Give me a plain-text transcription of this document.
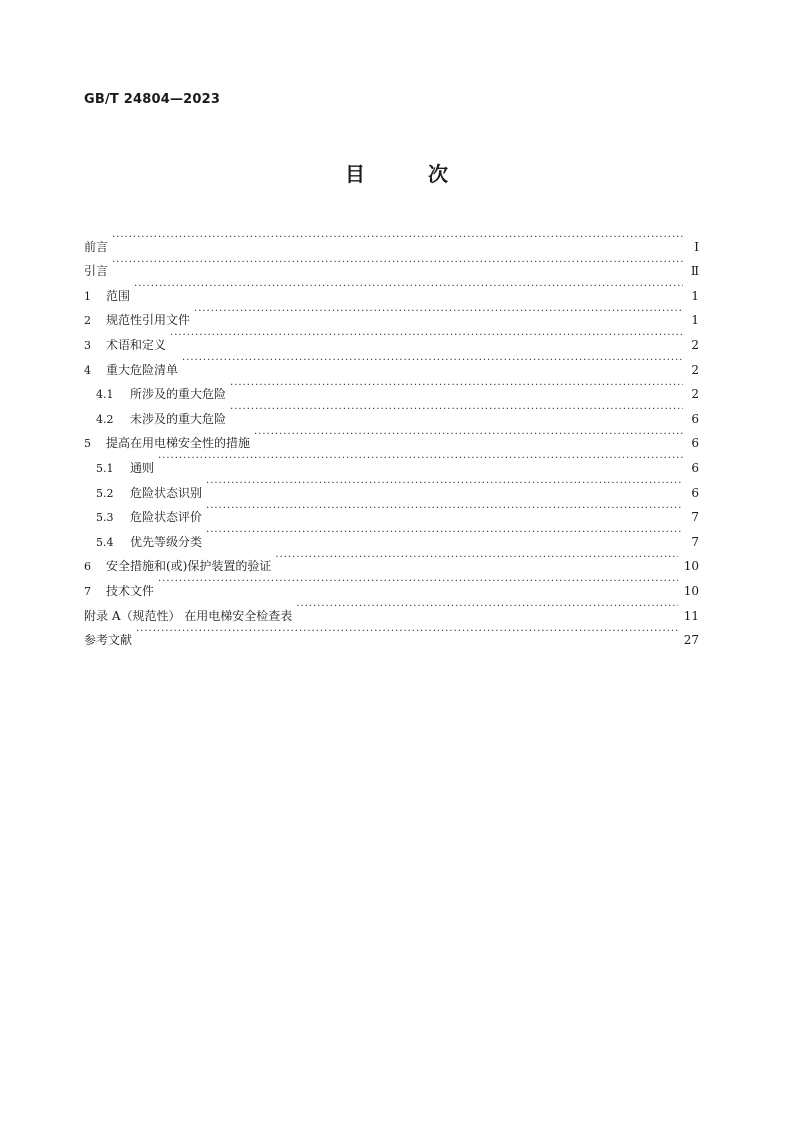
GB/T 24804—2023
目 次
前言 ·····	Ⅰ
引言 ·····	Ⅱ
1	范围 ·····	1
2	规范性引用文件 ·····	1
3	术语和定义 ·····	2
4	重大危险清单 ·····	2
4.1	所涉及的重大危险 ·····	2
4.2	未涉及的重大危险 ·····	6
5	提高在用电梯安全性的措施 ·····	6
5.1	通则 ·····	6
5.2	危险状态识别 ·····	6
5.3	危险状态评价 ·····	7
5.4	优先等级分类 ·····	7
6	安全措施和(或)保护装置的验证 ·····	10
7	技术文件 ·····	10
附录 A（规范性） 在用电梯安全检查表 ·····	11
参考文献 ·····	27
